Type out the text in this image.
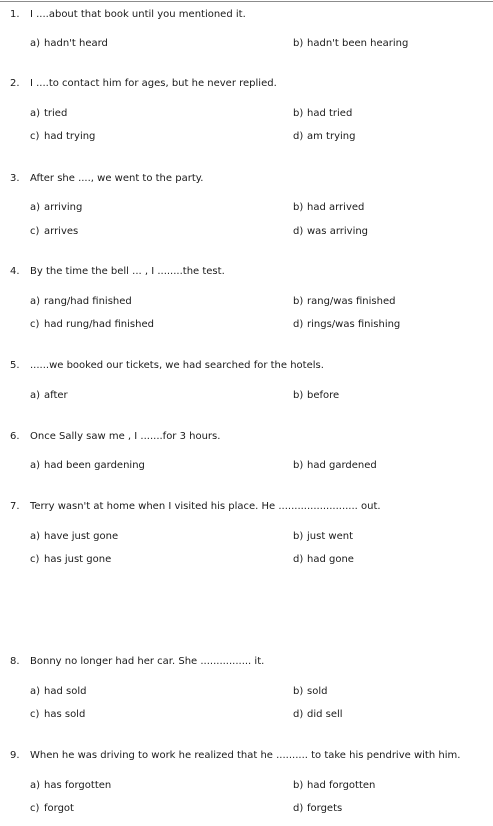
1. I ....about that book until you mentioned it.
a) hadn't heard	b) hadn't been hearing
2. I ....to contact him for ages, but he never replied.
a) tried	b) had tried
c) had trying	d) am trying
3. After she ...., we went to the party.
a) arriving	b) had arrived
c) arrives	d) was arriving
4. By the time the bell ... , I ........the test.
a) rang/had finished	b) rang/was finished
c) had rung/had finished	d) rings/was finishing
5. ......we booked our tickets, we had searched for the hotels.
a) after	b) before
6. Once Sally saw me , I .......for 3 hours.
a) had been gardening	b) had gardened
7. Terry wasn't at home when I visited his place. He ......................... out.
a) have just gone	b) just went
c) has just gone	d) had gone
8. Bonny no longer had her car. She ................ it.
a) had sold	b) sold
c) has sold	d) did sell
9. When he was driving to work he realized that he .......... to take his pendrive with him.
a) has forgotten	b) had forgotten
c) forgot	d) forgets
